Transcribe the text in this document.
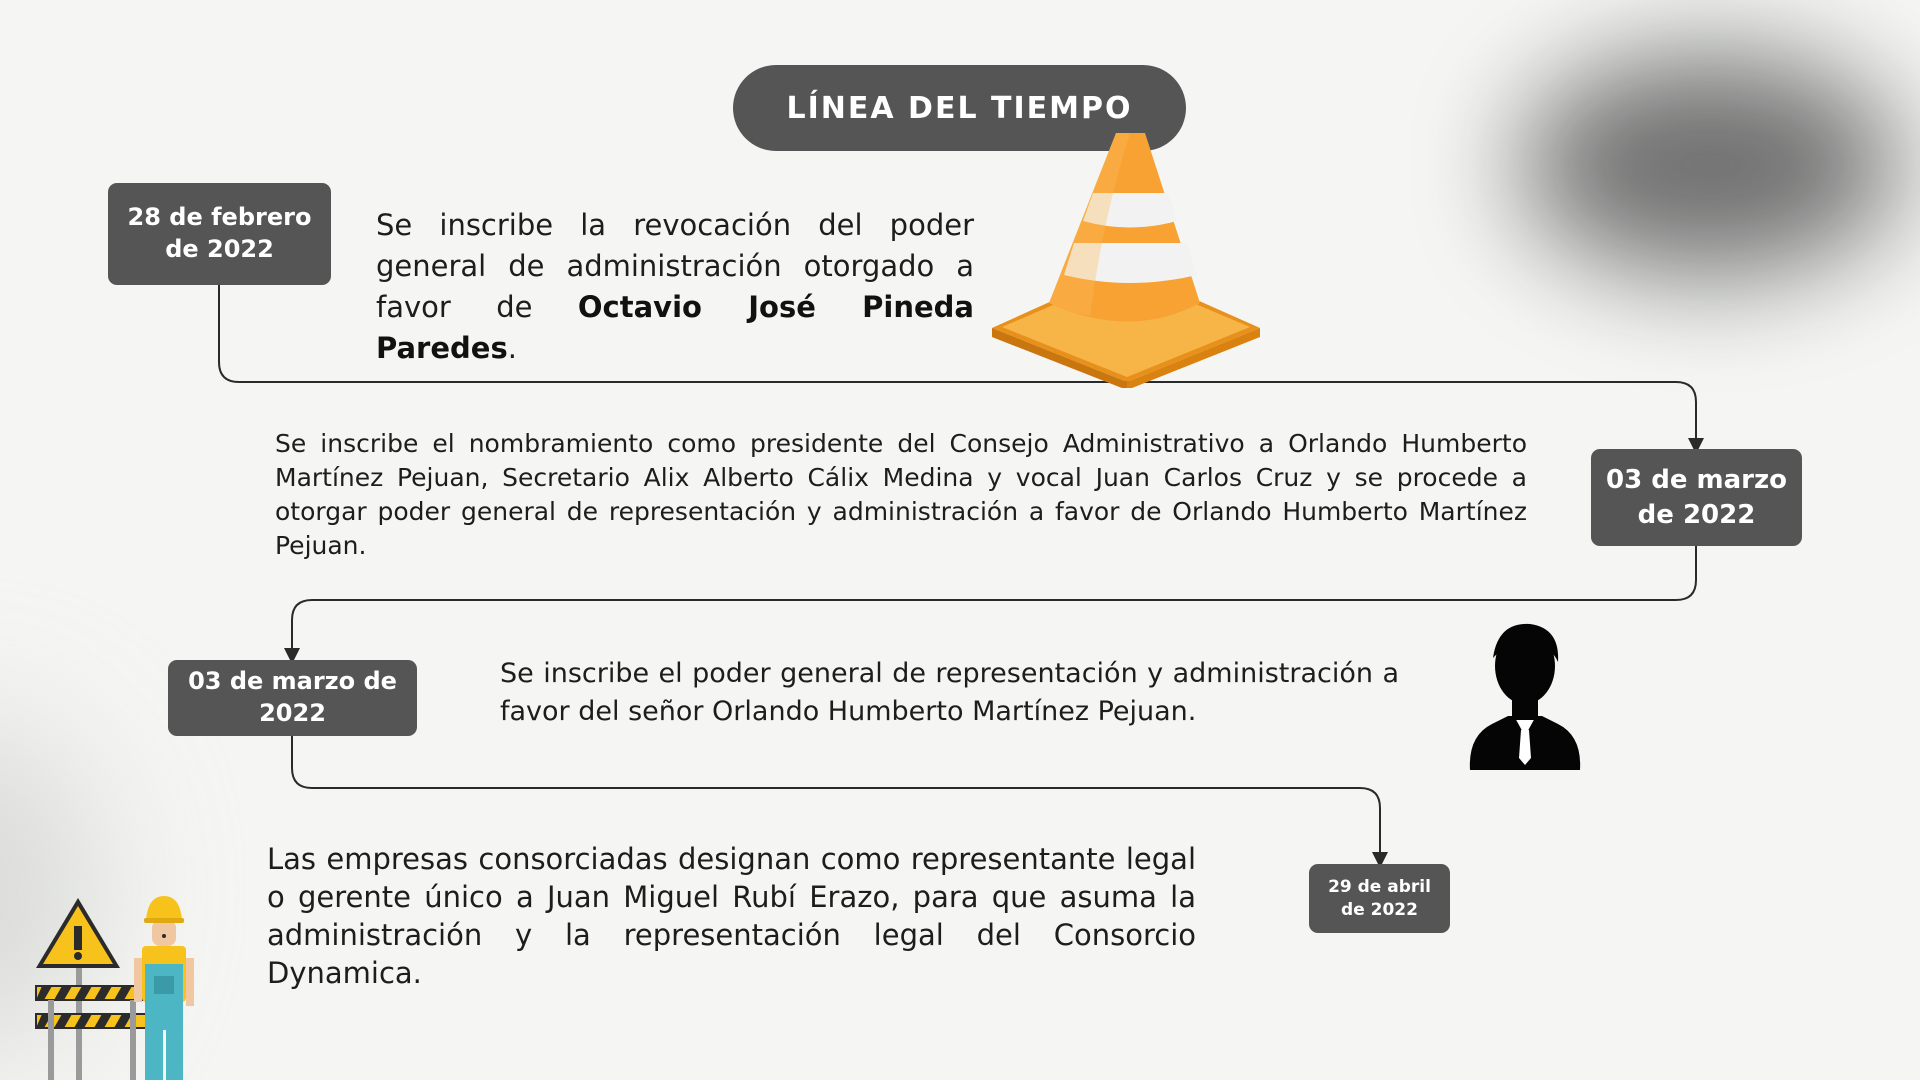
LÍNEA DEL TIEMPO
28 de febrero de 2022
Se inscribe la revocación del poder general de administración otorgado a favor de Octavio José Pineda Paredes.
Se inscribe el nombramiento como presidente del Consejo Administrativo a Orlando Humberto Martínez Pejuan, Secretario Alix Alberto Cálix Medina y vocal Juan Carlos Cruz y se procede a otorgar poder general de representación y administración a favor de Orlando Humberto Martínez Pejuan.
03 de marzo de 2022
03 de marzo de 2022
Se inscribe el poder general de representación y administración a favor del señor Orlando Humberto Martínez Pejuan.
Las empresas consorciadas designan como representante legal o gerente único a Juan Miguel Rubí Erazo, para que asuma la administración y la representación legal del Consorcio Dynamica.
29 de abril de 2022
